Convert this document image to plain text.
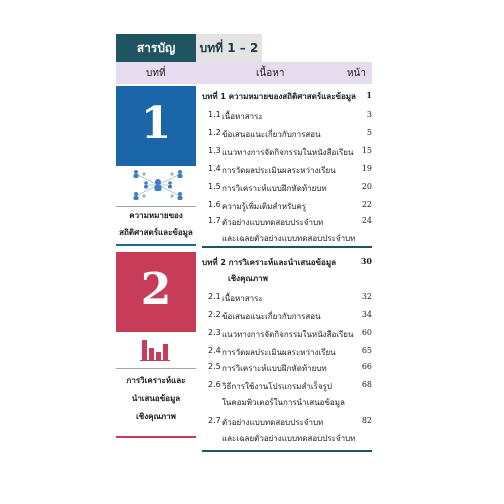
สารบัญ	บทที่ 1 – 2
บทที่	เนื้อหา	หน้า
1
ความหมายของ
สถิติศาสตร์และข้อมูล
บทที่ 1 ความหมายของสถิติศาสตร์และข้อมูล 1
1.1 เนื้อหาสาระ	3
1.2 ข้อเสนอแนะเกี่ยวกับการสอน	5
1.3 แนวทางการจัดกิจกรรมในหนังสือเรียน 15
1.4 การวัดผลประเมินผลระหว่างเรียน	19
1.5 การวิเคราะห์แบบฝึกหัดท้ายบท	20
1.6 ความรู้เพิ่มเติมสำหรับครู	22
1.7 ตัวอย่างแบบทดสอบประจำบท	24
และเฉลยตัวอย่างแบบทดสอบประจำบท
2
การวิเคราะห์และ
นำเสนอข้อมูล
เชิงคุณภาพ
บทที่ 2 การวิเคราะห์และนำเสนอข้อมูล	30
เชิงคุณภาพ
2.1 เนื้อหาสาระ	32
2.2 ข้อเสนอแนะเกี่ยวกับการสอน	34
2.3 แนวทางการจัดกิจกรรมในหนังสือเรียน 60
2.4 การวัดผลประเมินผลระหว่างเรียน	65
2.5 การวิเคราะห์แบบฝึกหัดท้ายบท	66
2.6 วิธีการใช้งานโปรแกรมสำเร็จรูป	68
ในคอมพิวเตอร์ในการนำเสนอข้อมูล
2.7 ตัวอย่างแบบทดสอบประจำบท	82
และเฉลยตัวอย่างแบบทดสอบประจำบท
